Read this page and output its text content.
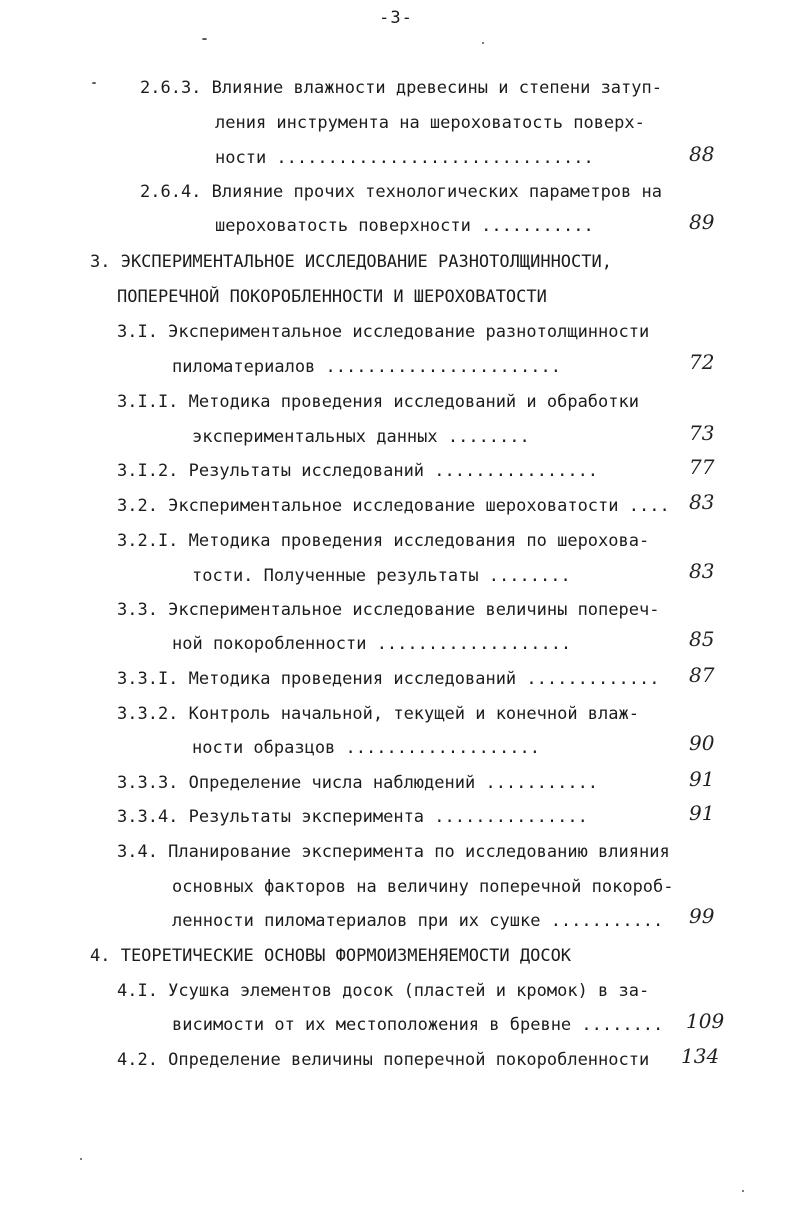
-3-
2.6.3. Влияние влажности древесины и степени затуп-
ления инструмента на шероховатость поверх-
ности ...............................	88
2.6.4. Влияние прочих технологических параметров на
шероховатость поверхности ...........	89
3. ЭКСПЕРИМЕНТАЛЬНОЕ ИССЛЕДОВАНИЕ РАЗНОТОЛЩИННОСТИ,
ПОПЕРЕЧНОЙ ПОКОРОБЛЕННОСТИ И ШЕРОХОВАТОСТИ
3.I. Экспериментальное исследование разнотолщинности
пиломатериалов .......................	72
3.I.I. Методика проведения исследований и обработки
экспериментальных данных ........	73
3.I.2. Результаты исследований ................	77
3.2. Экспериментальное исследование шероховатости .... 83
3.2.I. Методика проведения исследования по шерохова-
тости. Полученные результаты ........	83
3.3. Экспериментальное исследование величины попереч-
ной покоробленности ...................	85
3.3.I. Методика проведения исследований ............. 87
3.3.2. Контроль начальной, текущей и конечной влаж-
ности образцов ...................	90
3.3.3. Определение числа наблюдений ...........	91
3.3.4. Результаты эксперимента ...............	91
3.4. Планирование эксперимента по исследованию влияния
основных факторов на величину поперечной покороб-
ленности пиломатериалов при их сушке ........... 99
4. ТЕОРЕТИЧЕСКИЕ ОСНОВЫ ФОРМОИЗМЕНЯЕМОСТИ ДОСОК
4.I. Усушка элементов досок (пластей и кромок) в за-
висимости от их местоположения в бревне ........ 109
4.2. Определение величины поперечной покоробленности 134
